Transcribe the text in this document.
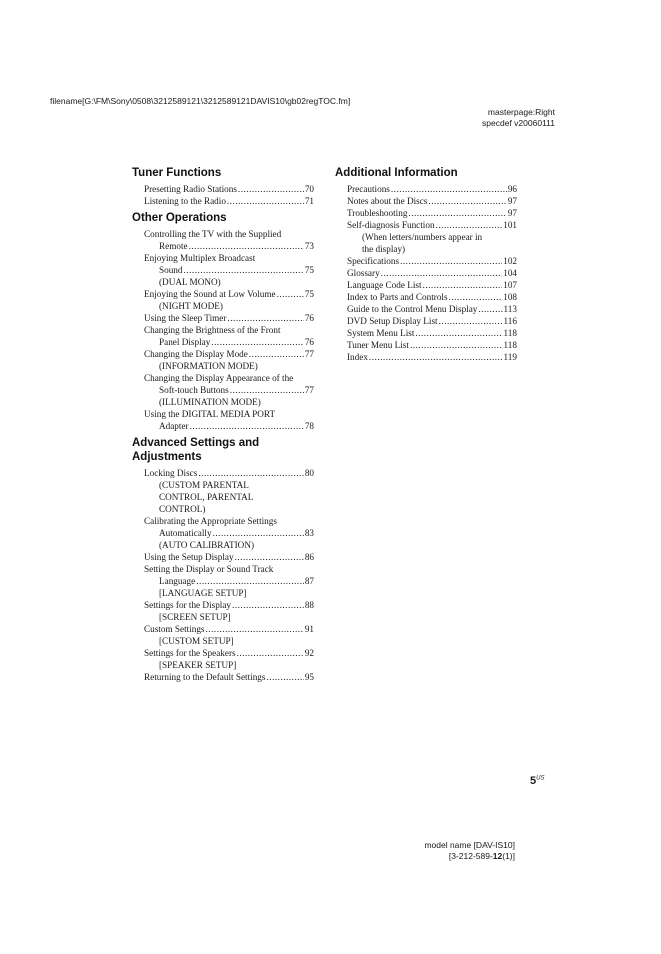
filename[G:\FM\Sony\0508\3212589121\3212589121DAVIS10\gb02regTOC.fm]
masterpage:Right
specdef v20060111
Tuner Functions
Presetting Radio Stations .....	70
Listening to the Radio .....	71
Other Operations
Controlling the TV with the Supplied
Remote .....	73
Enjoying Multiplex Broadcast
Sound .....	75
(DUAL MONO)
Enjoying the Sound at Low Volume .....	75
(NIGHT MODE)
Using the Sleep Timer .....	76
Changing the Brightness of the Front
Panel Display .....	76
Changing the Display Mode .....	77
(INFORMATION MODE)
Changing the Display Appearance of the
Soft-touch Buttons .....	77
(ILLUMINATION MODE)
Using the DIGITAL MEDIA PORT
Adapter .....	78
Advanced Settings and Adjustments
Locking Discs .....	80
(CUSTOM PARENTAL
CONTROL, PARENTAL
CONTROL)
Calibrating the Appropriate Settings
Automatically .....	83
(AUTO CALIBRATION)
Using the Setup Display .....	86
Setting the Display or Sound Track
Language .....	87
[LANGUAGE SETUP]
Settings for the Display .....	88
[SCREEN SETUP]
Custom Settings .....	91
[CUSTOM SETUP]
Settings for the Speakers .....	92
[SPEAKER SETUP]
Returning to the Default Settings .....	95
Additional Information
Precautions .....	96
Notes about the Discs .....	97
Troubleshooting .....	97
Self-diagnosis Function .....	101
(When letters/numbers appear in
the display)
Specifications .....	102
Glossary .....	104
Language Code List .....	107
Index to Parts and Controls .....	108
Guide to the Control Menu Display .....	113
DVD Setup Display List .....	116
System Menu List .....	118
Tuner Menu List .....	118
Index .....	119
$5^{US}$
model name [DAV-IS10]
[3-212-589-12(1)]
